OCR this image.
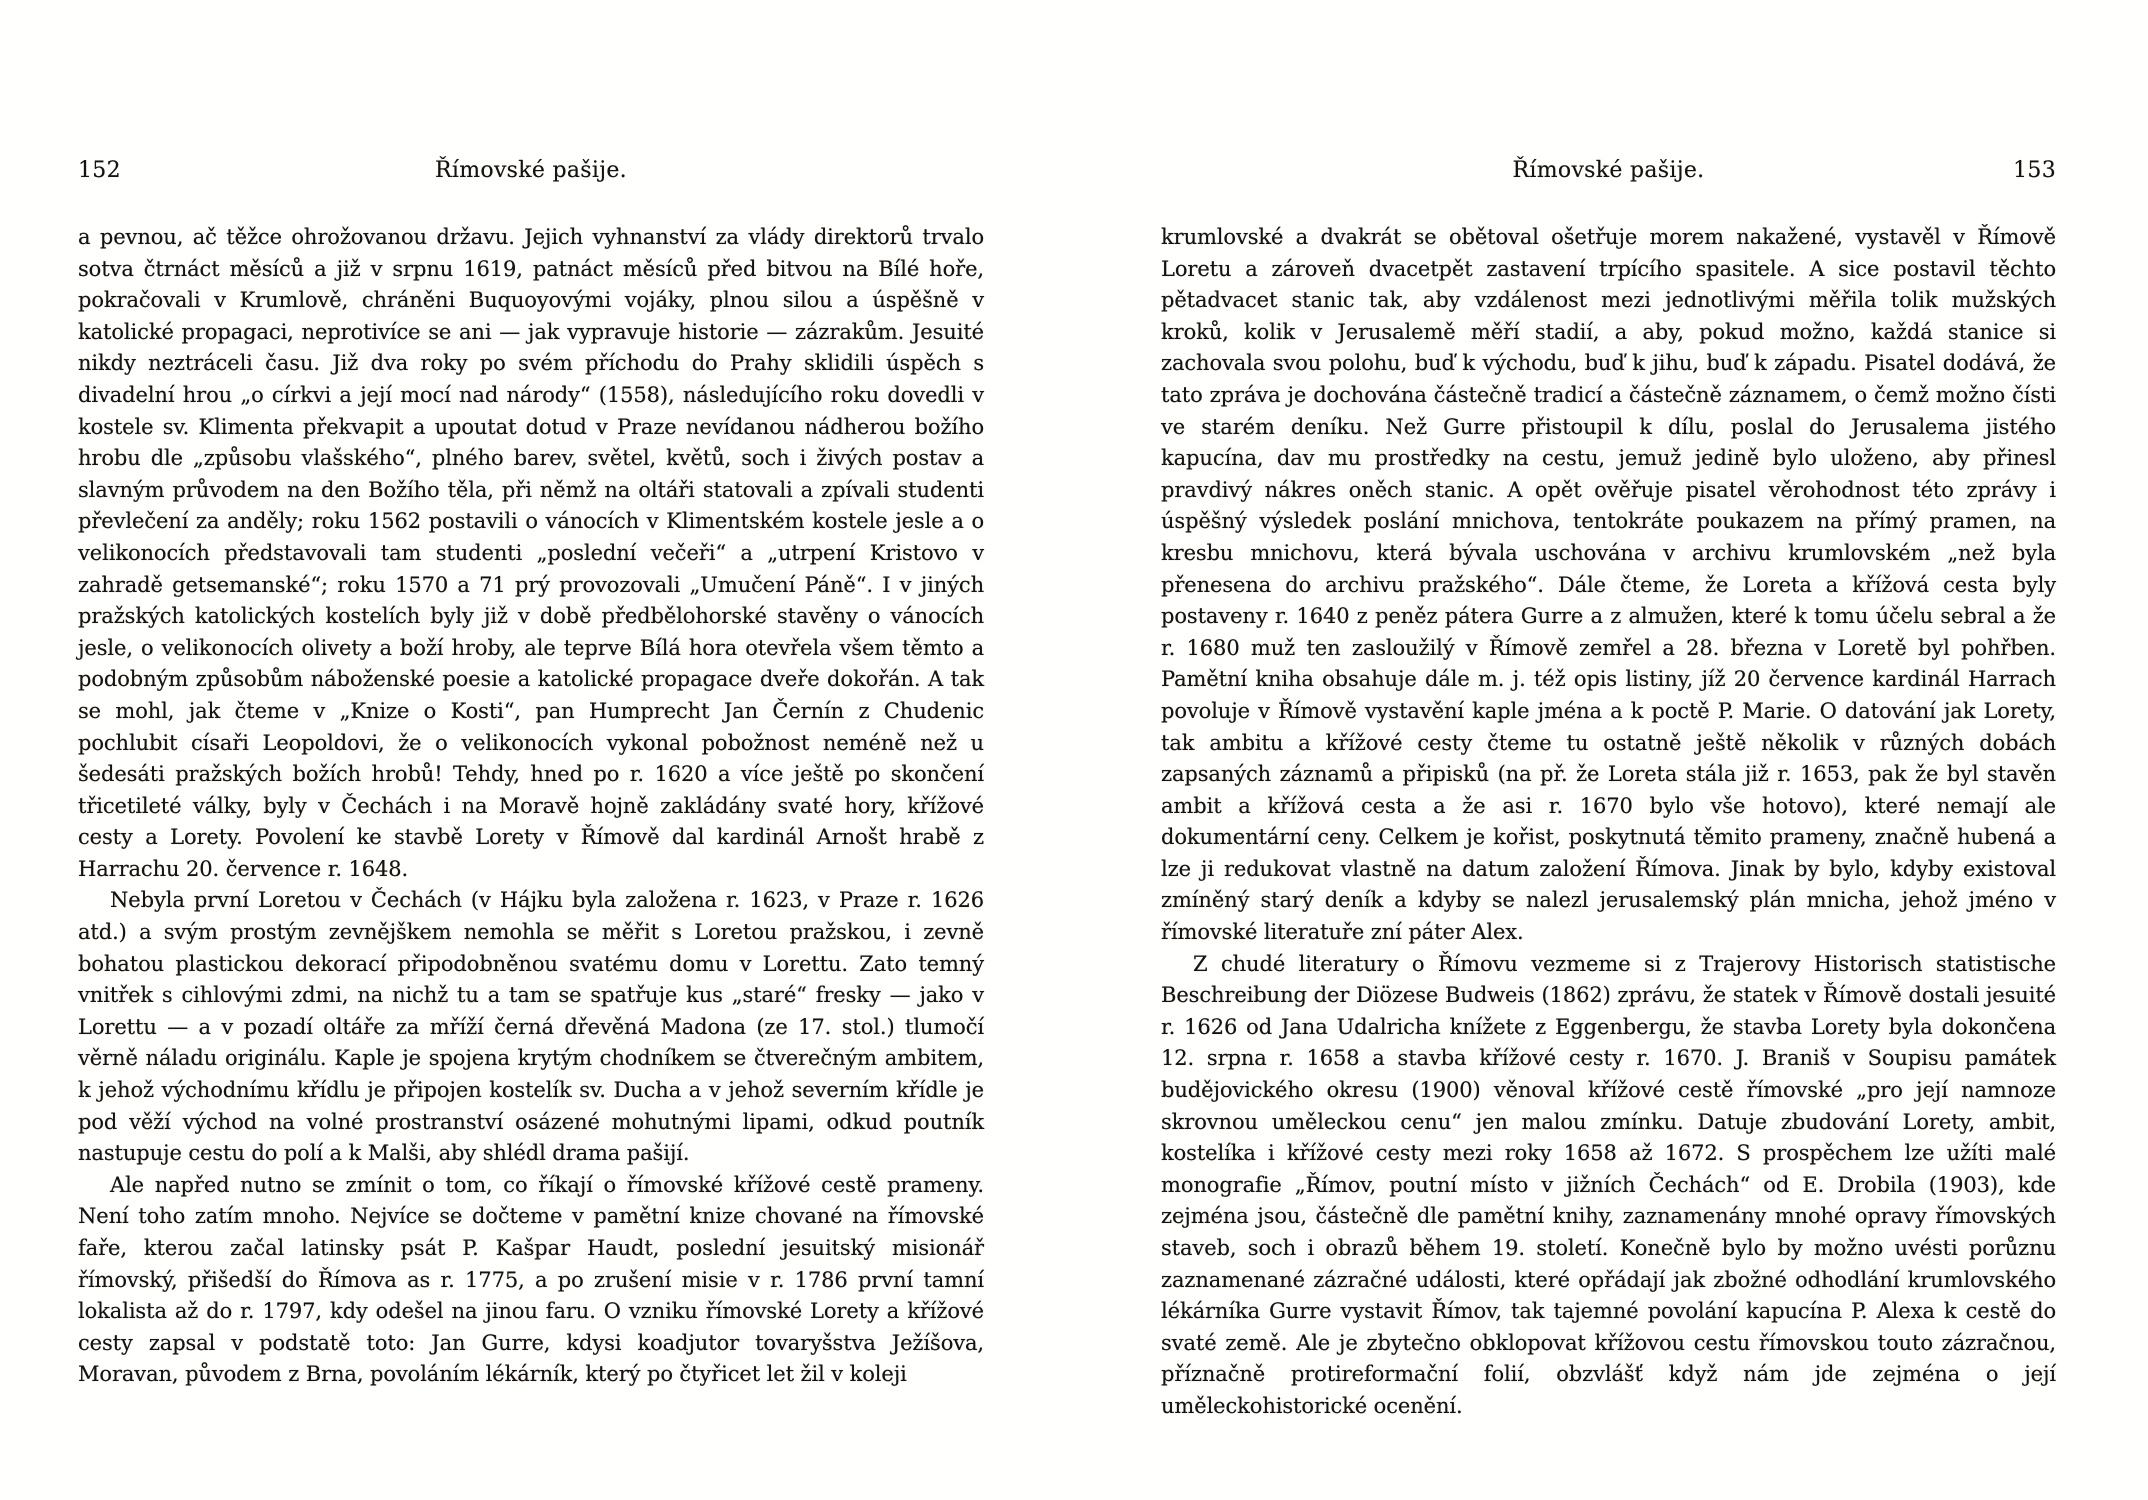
152	Římovské pašije.

a pevnou, ač těžce ohrožovanou državu. Jejich vyhnanství za vlády direktorů trvalo sotva čtrnáct měsíců a již v srpnu 1619, patnáct měsíců před bitvou na Bílé hoře, pokračovali v Krumlově, chráněni Buquoyovými vojáky, plnou silou a úspěšně v katolické propagaci, neprotivíce se ani — jak vypravuje historie — zázrakům. Jesuité nikdy neztráceli času. Již dva roky po svém příchodu do Prahy sklidili úspěch s divadelní hrou „o církvi a její mocí nad národy“ (1558), následujícího roku dovedli v kostele sv. Klimenta překvapit a upoutat dotud v Praze nevídanou nádherou božího hrobu dle „způsobu vlašského“, plného barev, světel, květů, soch i živých postav a slavným průvodem na den Božího těla, při němž na oltáři statovali a zpívali studenti převlečení za anděly; roku 1562 postavili o vánocích v Klimentském kostele jesle a o velikonocích představovali tam studenti „poslední večeři“ a „utrpení Kristovo v zahradě getsemanské“; roku 1570 a 71 prý provozovali „Umučení Páně“. I v jiných pražských katolických kostelích byly již v době předbělohorské stavěny o vánocích jesle, o velikonocích olivety a boží hroby, ale teprve Bílá hora otevřela všem těmto a podobným způsobům náboženské poesie a katolické propagace dveře dokořán. A tak se mohl, jak čteme v „Knize o Kosti“, pan Humprecht Jan Černín z Chudenic pochlubit císaři Leopoldovi, že o velikonocích vykonal pobožnost neméně než u šedesáti pražských božích hrobů! Tehdy, hned po r. 1620 a více ještě po skončení třicetileté války, byly v Čechách i na Moravě hojně zakládány svaté hory, křížové cesty a Lorety. Povolení ke stavbě Lorety v Římově dal kardinál Arnošt hrabě z Harrachu 20. července r. 1648.

Nebyla první Loretou v Čechách (v Hájku byla založena r. 1623, v Praze r. 1626 atd.) a svým prostým zevnějškem nemohla se měřit s Loretou pražskou, i zevně bohatou plastickou dekorací připodobněnou svatému domu v Lorettu. Zato temný vnitřek s cihlovými zdmi, na nichž tu a tam se spatřuje kus „staré“ fresky — jako v Lorettu — a v pozadí oltáře za mříží černá dřevěná Madona (ze 17. stol.) tlumočí věrně náladu originálu. Kaple je spojena krytým chodníkem se čtverečným ambitem, k jehož východnímu křídlu je připojen kostelík sv. Ducha a v jehož severním křídle je pod věží východ na volné prostranství osázené mohutnými lipami, odkud poutník nastupuje cestu do polí a k Malši, aby shlédl drama pašijí.

Ale napřed nutno se zmínit o tom, co říkají o římovské křížové cestě prameny. Není toho zatím mnoho. Nejvíce se dočteme v pamětní knize chované na římovské faře, kterou začal latinsky psát P. Kašpar Haudt, poslední jesuitský misionář římovský, přišedší do Římova as r. 1775, a po zrušení misie v r. 1786 první tamní lokalista až do r. 1797, kdy odešel na jinou faru. O vzniku římovské Lorety a křížové cesty zapsal v podstatě toto: Jan Gurre, kdysi koadjutor tovaryšstva Ježíšova, Moravan, původem z Brna, povoláním lékárník, který po čtyřicet let žil v koleji

Římovské pašije.	153

krumlovské a dvakrát se obětoval ošetřuje morem nakažené, vystavěl v Římově Loretu a zároveň dvacetpět zastavení trpícího spasitele. A sice postavil těchto pětadvacet stanic tak, aby vzdálenost mezi jednotlivými měřila tolik mužských kroků, kolik v Jerusalemě měří stadií, a aby, pokud možno, každá stanice si zachovala svou polohu, buď k východu, buď k jihu, buď k západu. Pisatel dodává, že tato zpráva je dochována částečně tradicí a částečně záznamem, o čemž možno čísti ve starém deníku. Než Gurre přistoupil k dílu, poslal do Jerusalema jistého kapucína, dav mu prostředky na cestu, jemuž jedině bylo uloženo, aby přinesl pravdivý nákres oněch stanic. A opět ověřuje pisatel věrohodnost této zprávy i úspěšný výsledek poslání mnichova, tentokráte poukazem na přímý pramen, na kresbu mnichovu, která bývala uschována v archivu krumlovském „než byla přenesena do archivu pražského“. Dále čteme, že Loreta a křížová cesta byly postaveny r. 1640 z peněz pátera Gurre a z almužen, které k tomu účelu sebral a že r. 1680 muž ten zasloužilý v Římově zemřel a 28. března v Loretě byl pohřben. Pamětní kniha obsahuje dále m. j. též opis listiny, jíž 20 července kardinál Harrach povoluje v Římově vystavění kaple jména a k poctě P. Marie. O datování jak Lorety, tak ambitu a křížové cesty čteme tu ostatně ještě několik v různých dobách zapsaných záznamů a připisků (na př. že Loreta stála již r. 1653, pak že byl stavěn ambit a křížová cesta a že asi r. 1670 bylo vše hotovo), které nemají ale dokumentární ceny. Celkem je kořist, poskytnutá těmito prameny, značně hubená a lze ji redukovat vlastně na datum založení Římova. Jinak by bylo, kdyby existoval zmíněný starý deník a kdyby se nalezl jerusalemský plán mnicha, jehož jméno v římovské literatuře zní páter Alex.

Z chudé literatury o Římovu vezmeme si z Trajerovy Historisch statistische Beschreibung der Diözese Budweis (1862) zprávu, že statek v Římově dostali jesuité r. 1626 od Jana Udalricha knížete z Eggenbergu, že stavba Lorety byla dokončena 12. srpna r. 1658 a stavba křížové cesty r. 1670. J. Braniš v Soupisu památek budějovického okresu (1900) věnoval křížové cestě římovské „pro její namnoze skrovnou uměleckou cenu“ jen malou zmínku. Datuje zbudování Lorety, ambit, kostelíka i křížové cesty mezi roky 1658 až 1672. S prospěchem lze užíti malé monografie „Římov, poutní místo v jižních Čechách“ od E. Drobila (1903), kde zejména jsou, částečně dle pamětní knihy, zaznamenány mnohé opravy římovských staveb, soch i obrazů během 19. století. Konečně bylo by možno uvésti porůznu zaznamenané zázračné události, které opřádají jak zbožné odhodlání krumlovského lékárníka Gurre vystavit Římov, tak tajemné povolání kapucína P. Alexa k cestě do svaté země. Ale je zbytečno obklopovat křížovou cestu římovskou touto zázračnou, příznačně protireformační folií, obzvlášť když nám jde zejména o její uměleckohistorické ocenění.
